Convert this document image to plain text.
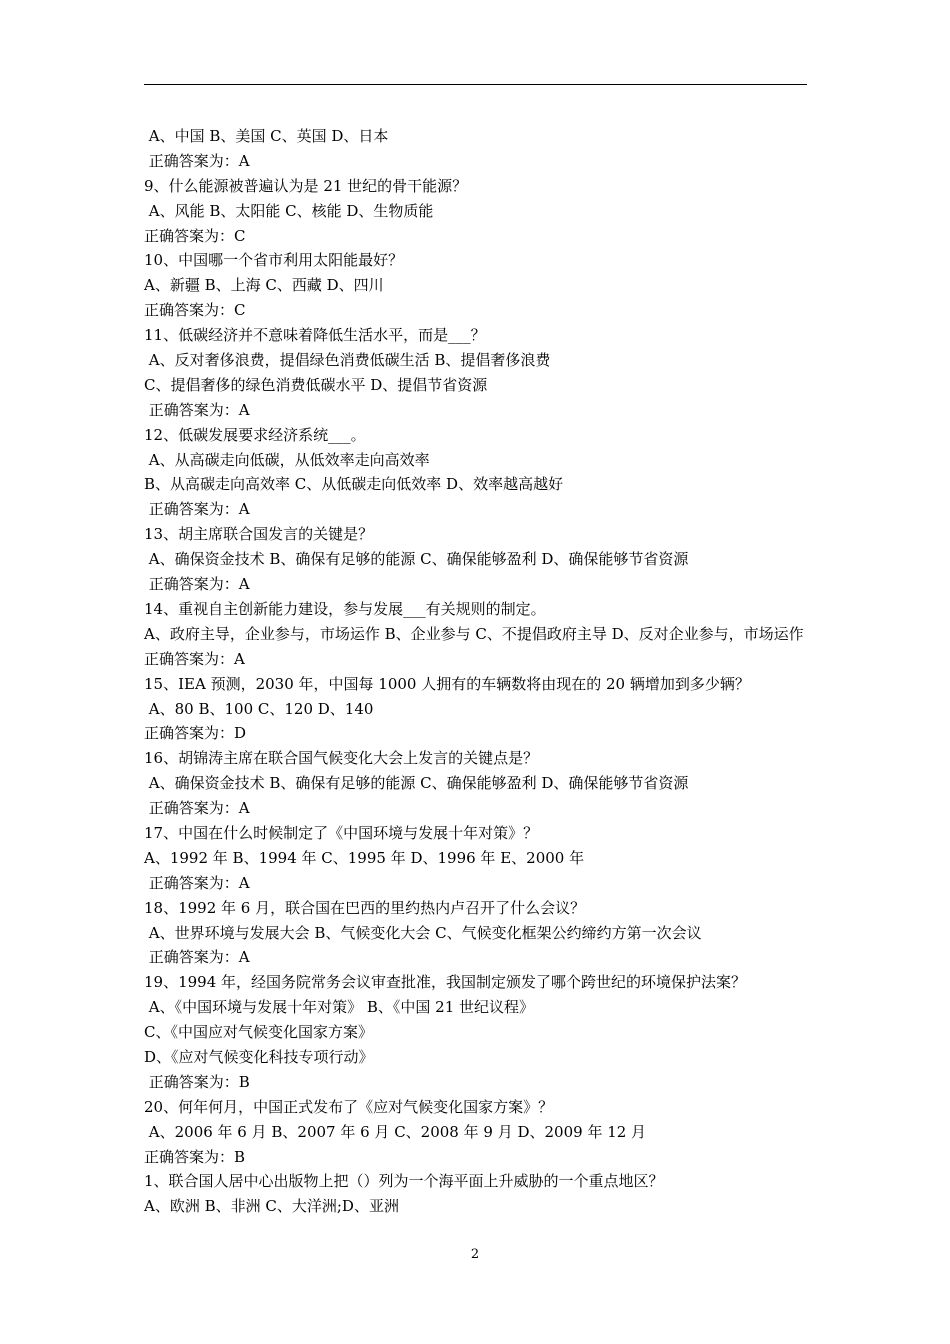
A、中国 B、美国 C、英国 D、日本
正确答案为：A
9、什么能源被普遍认为是 21 世纪的骨干能源？
A、风能 B、太阳能 C、核能 D、生物质能
正确答案为：C
10、中国哪一个省市利用太阳能最好？
A、新疆 B、上海 C、西藏 D、四川
正确答案为：C
11、低碳经济并不意味着降低生活水平，而是___？
A、反对奢侈浪费，提倡绿色消费低碳生活 B、提倡奢侈浪费
C、提倡奢侈的绿色消费低碳水平 D、提倡节省资源
正确答案为：A
12、低碳发展要求经济系统___。
A、从高碳走向低碳，从低效率走向高效率
B、从高碳走向高效率 C、从低碳走向低效率 D、效率越高越好
正确答案为：A
13、胡主席联合国发言的关键是？
A、确保资金技术 B、确保有足够的能源 C、确保能够盈利 D、确保能够节省资源
正确答案为：A
14、重视自主创新能力建设，参与发展___有关规则的制定。
A、政府主导，企业参与，市场运作 B、企业参与 C、不提倡政府主导 D、反对企业参与，市场运作 正确答案为：A
15、IEA 预测，2030 年，中国每 1000 人拥有的车辆数将由现在的 20 辆增加到多少辆？
A、80 B、100 C、120 D、140
正确答案为：D
16、胡锦涛主席在联合国气候变化大会上发言的关键点是？
A、确保资金技术 B、确保有足够的能源 C、确保能够盈利 D、确保能够节省资源
正确答案为：A
17、中国在什么时候制定了《中国环境与发展十年对策》？
A、1992 年 B、1994 年 C、1995 年 D、1996 年 E、2000 年
正确答案为：A
18、1992 年 6 月，联合国在巴西的里约热内卢召开了什么会议？
A、世界环境与发展大会 B、气候变化大会 C、气候变化框架公约缔约方第一次会议
正确答案为：A
19、1994 年，经国务院常务会议审查批准，我国制定颁发了哪个跨世纪的环境保护法案？
A、《中国环境与发展十年对策》 B、《中国 21 世纪议程》
C、《中国应对气候变化国家方案》
D、《应对气候变化科技专项行动》
正确答案为：B
20、何年何月，中国正式发布了《应对气候变化国家方案》？
A、2006 年 6 月 B、2007 年 6 月 C、2008 年 9 月 D、2009 年 12 月
正确答案为：B
1、联合国人居中心出版物上把（）列为一个海平面上升威胁的一个重点地区？
A、欧洲 B、非洲 C、大洋洲;D、亚洲
2
